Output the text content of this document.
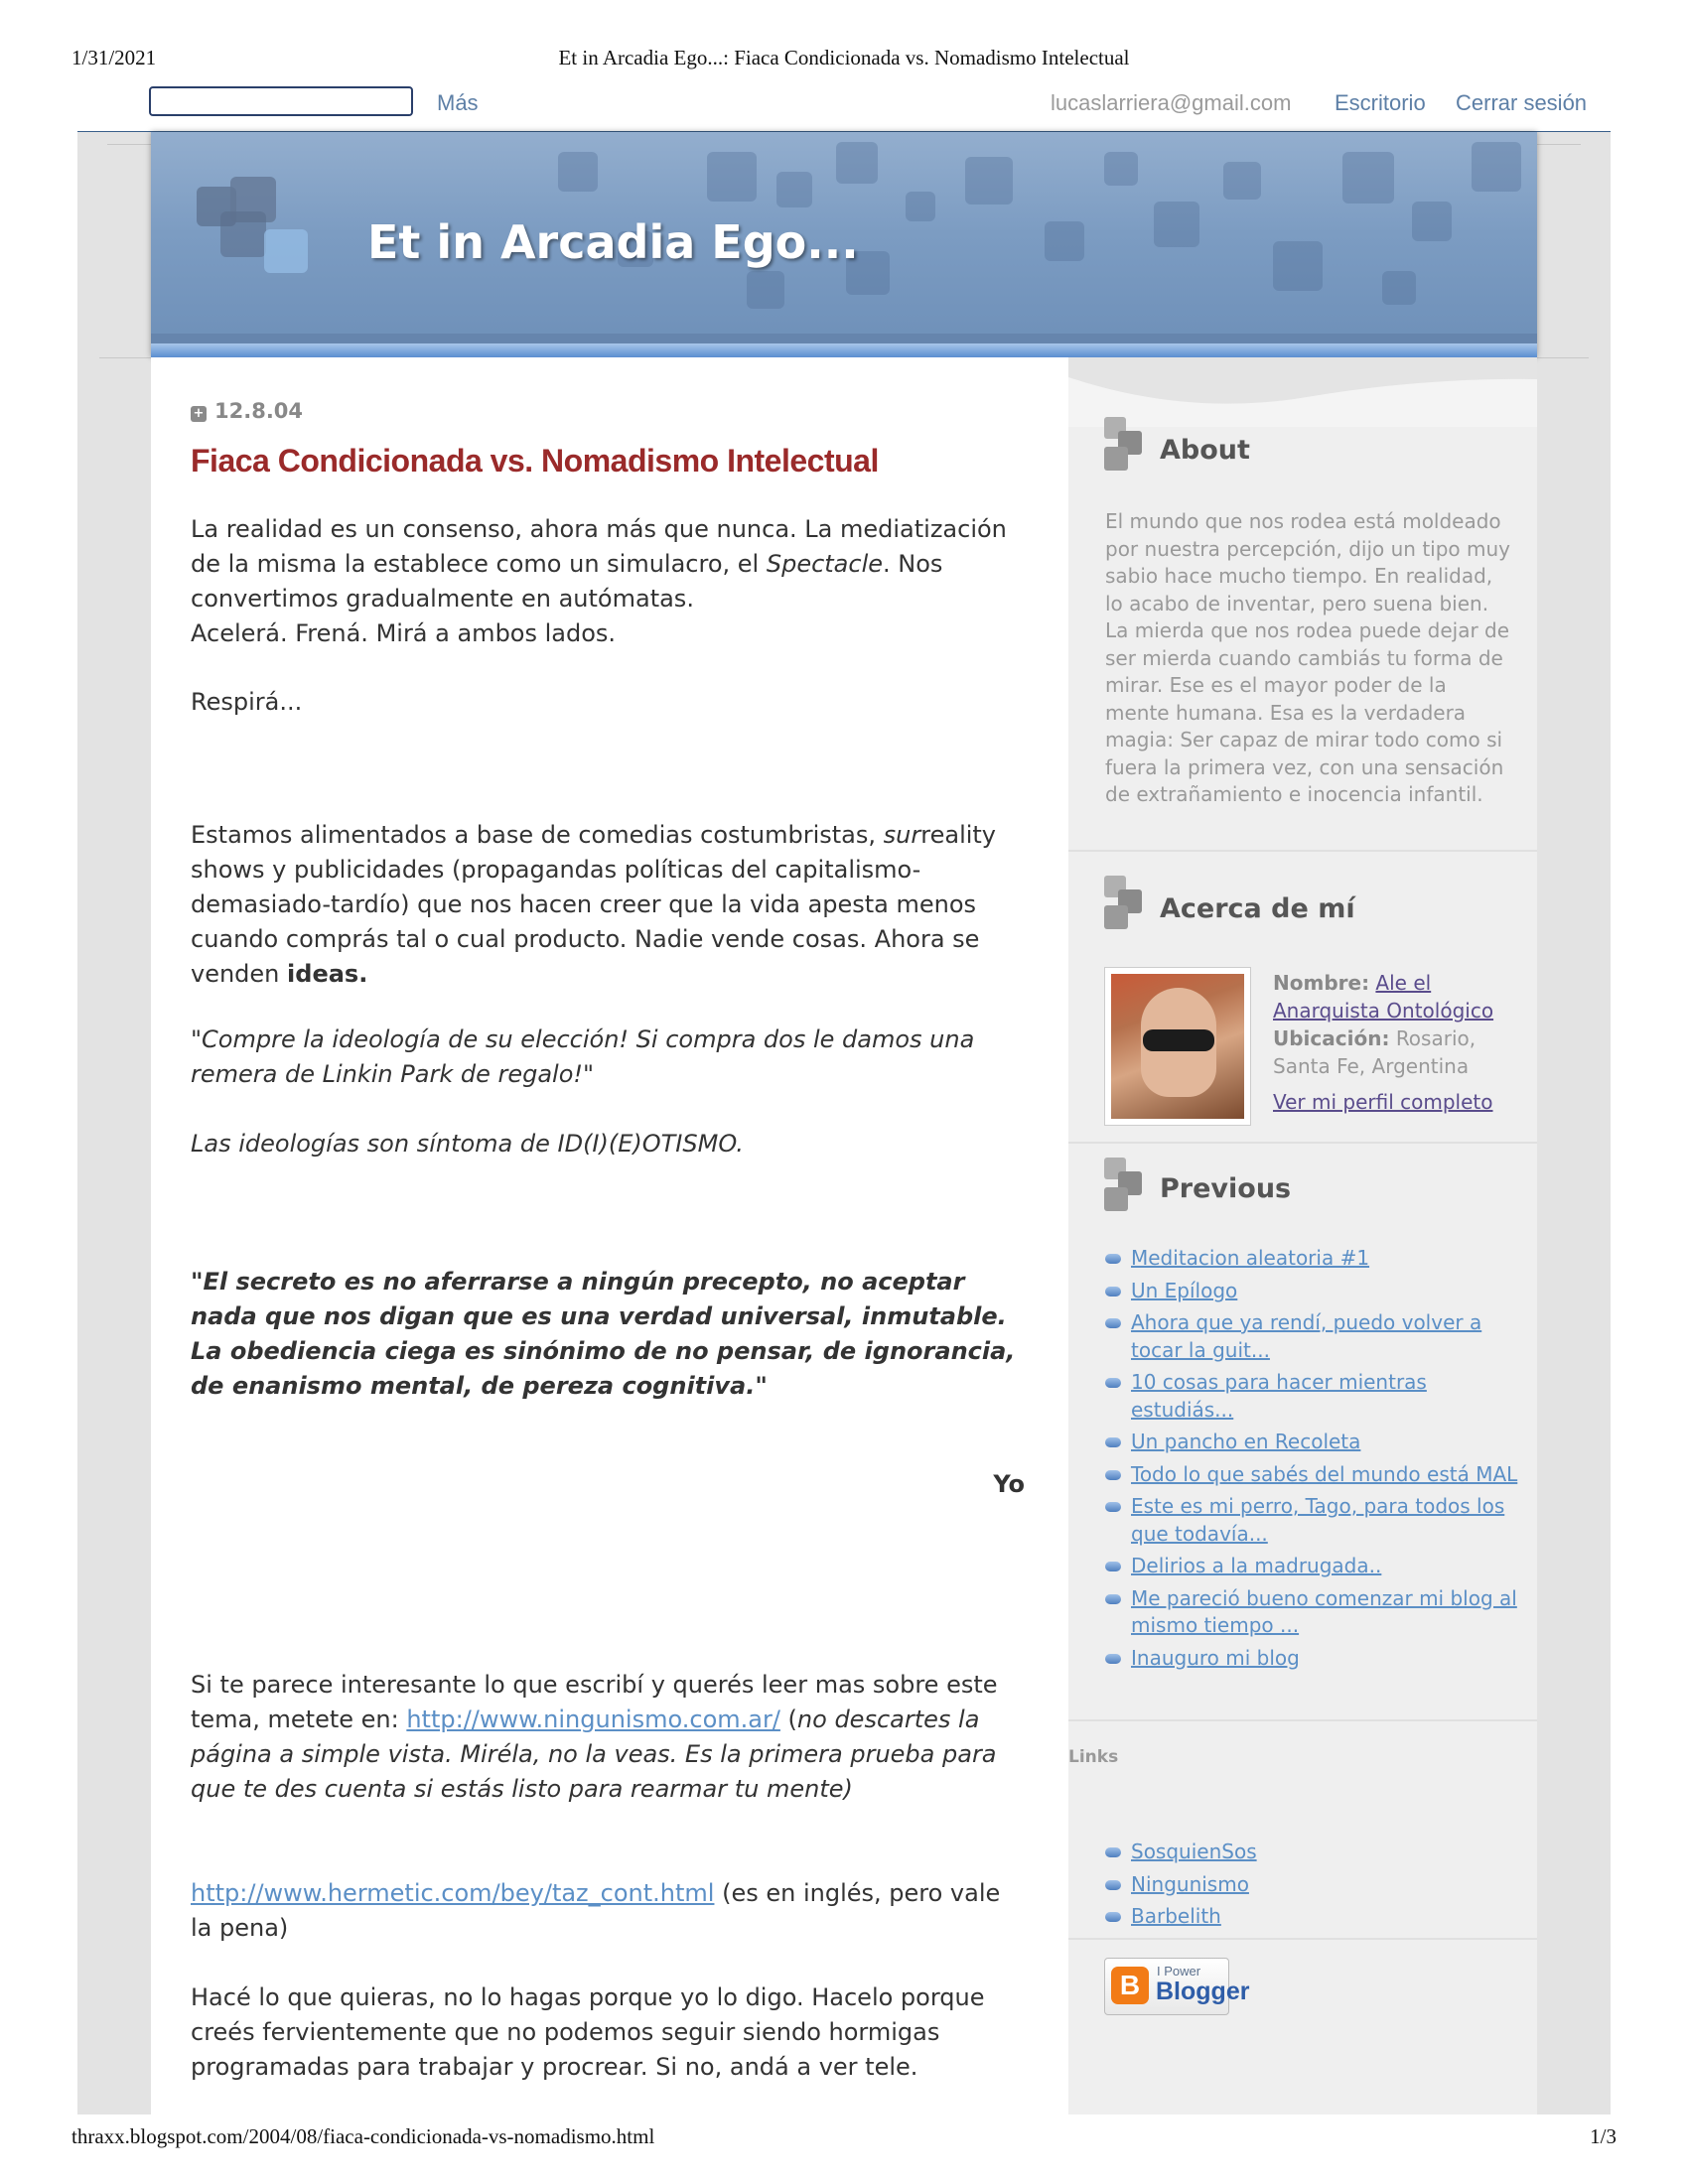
1/31/2021	Et in Arcadia Ego...: Fiaca Condicionada vs. Nomadismo Intelectual
Más	lucaslarriera@gmail.com Escritorio Cerrar sesión
Et in Arcadia Ego...
+ 12.8.04
Fiaca Condicionada vs. Nomadismo Intelectual
La realidad es un consenso, ahora más que nunca. La mediatización de la misma la establece como un simulacro, el Spectacle. Nos convertimos gradualmente en autómatas.
Acelerá. Frená. Mirá a ambos lados.
Respirá...
Estamos alimentados a base de comedias costumbristas, surreality shows y publicidades (propagandas políticas del capitalismo-demasiado-tardío) que nos hacen creer que la vida apesta menos cuando comprás tal o cual producto. Nadie vende cosas. Ahora se venden ideas.
"Compre la ideología de su elección! Si compra dos le damos una remera de Linkin Park de regalo!"
Las ideologías son síntoma de ID(I)(E)OTISMO.
"El secreto es no aferrarse a ningún precepto, no aceptar nada que nos digan que es una verdad universal, inmutable. La obediencia ciega es sinónimo de no pensar, de ignorancia, de enanismo mental, de pereza cognitiva."
Yo
Si te parece interesante lo que escribí y querés leer mas sobre este tema, metete en: http://www.ningunismo.com.ar/ (no descartes la página a simple vista. Miréla, no la veas. Es la primera prueba para que te des cuenta si estás listo para rearmar tu mente)
http://www.hermetic.com/bey/taz_cont.html (es en inglés, pero vale la pena)
Hacé lo que quieras, no lo hagas porque yo lo digo. Hacelo porque creés fervientemente que no podemos seguir siendo hormigas programadas para trabajar y procrear. Si no, andá a ver tele.
About
El mundo que nos rodea está moldeado por nuestra percepción, dijo un tipo muy sabio hace mucho tiempo. En realidad, lo acabo de inventar, pero suena bien. La mierda que nos rodea puede dejar de ser mierda cuando cambiás tu forma de mirar. Ese es el mayor poder de la mente humana. Esa es la verdadera magia: Ser capaz de mirar todo como si fuera la primera vez, con una sensación de extrañamiento e inocencia infantil.
Acerca de mí
Nombre: Ale el Anarquista Ontológico
Ubicación: Rosario, Santa Fe, Argentina
Ver mi perfil completo
Previous
Meditacion aleatoria #1
Un Epílogo
Ahora que ya rendí, puedo volver a tocar la guit...
10 cosas para hacer mientras estudiás...
Un pancho en Recoleta
Todo lo que sabés del mundo está MAL
Este es mi perro, Tago, para todos los que todavía...
Delirios a la madrugada..
Me pareció bueno comenzar mi blog al mismo tiempo ...
Inauguro mi blog
Links
SosquienSos
Ningunismo
Barbelith
B	I Power
Blogger
thraxx.blogspot.com/2004/08/fiaca-condicionada-vs-nomadismo.html	1/3
